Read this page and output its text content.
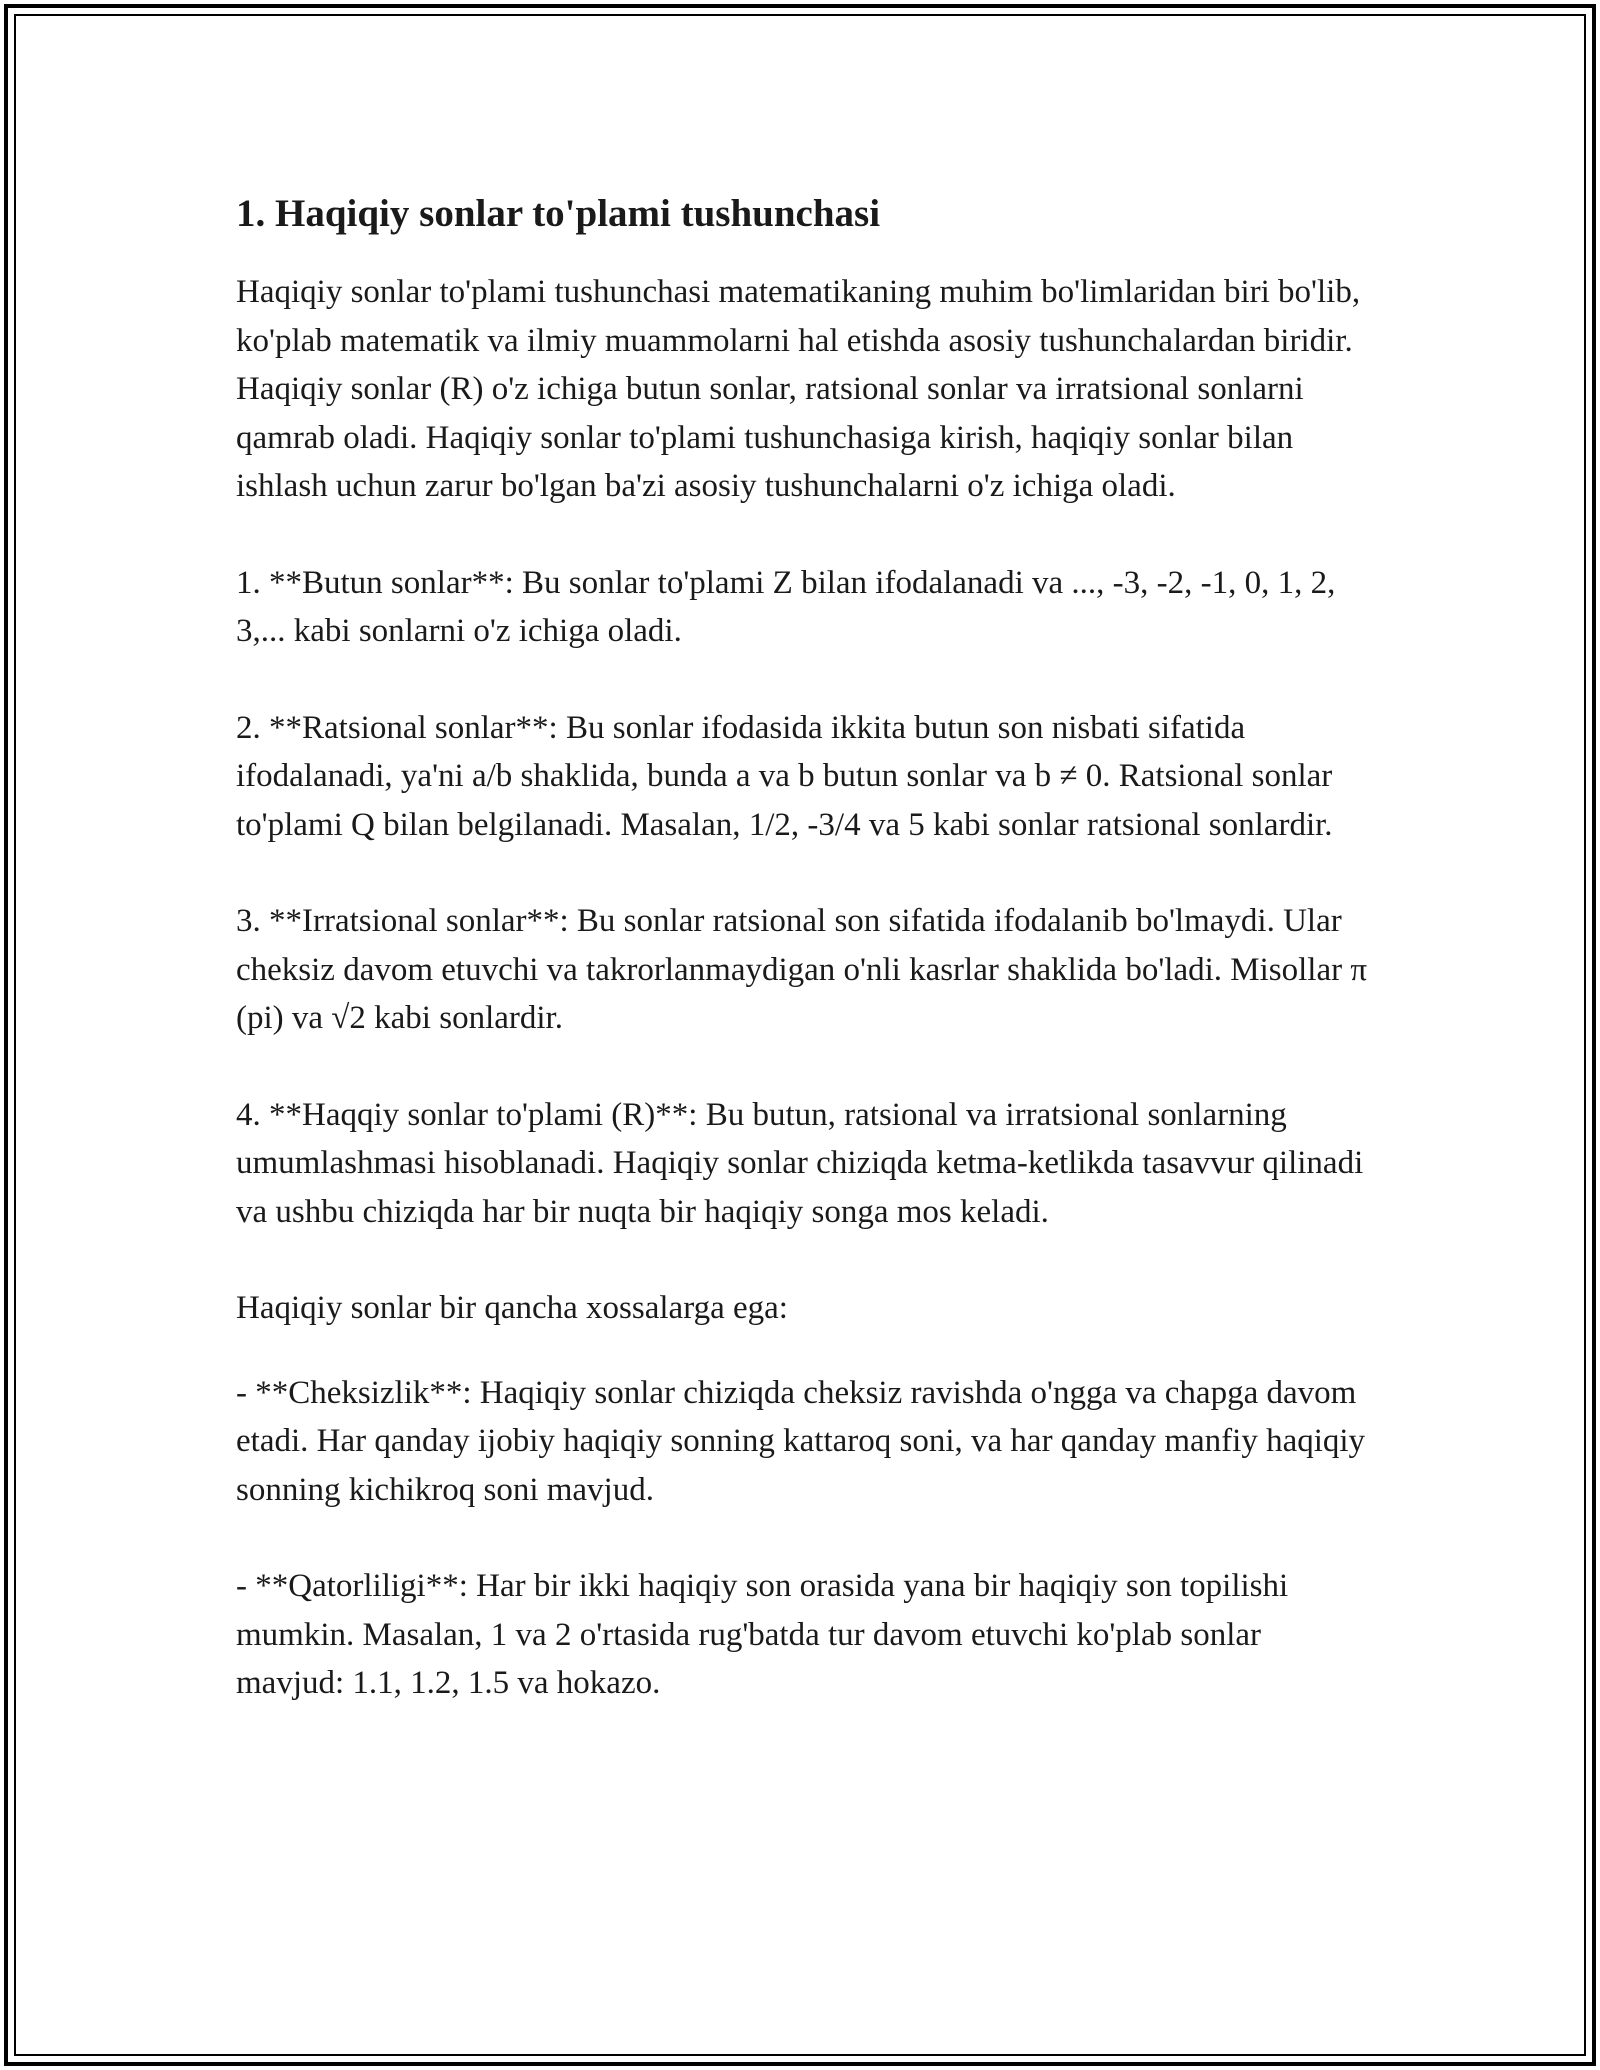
1. Haqiqiy sonlar to'plami tushunchasi

Haqiqiy sonlar to'plami tushunchasi matematikaning muhim bo'limlaridan biri bo'lib, ko'plab matematik va ilmiy muammolarni hal etishda asosiy tushunchalardan biridir. Haqiqiy sonlar (R) o'z ichiga butun sonlar, ratsional sonlar va irratsional sonlarni qamrab oladi. Haqiqiy sonlar to'plami tushunchasiga kirish, haqiqiy sonlar bilan ishlash uchun zarur bo'lgan ba'zi asosiy tushunchalarni o'z ichiga oladi.

1. **Butun sonlar**: Bu sonlar to'plami Z bilan ifodalanadi va ..., -3, -2, -1, 0, 1, 2, 3,... kabi sonlarni o'z ichiga oladi.

2. **Ratsional sonlar**: Bu sonlar ifodasida ikkita butun son nisbati sifatida ifodalanadi, ya'ni a/b shaklida, bunda a va b butun sonlar va b ≠ 0. Ratsional sonlar to'plami Q bilan belgilanadi. Masalan, 1/2, -3/4 va 5 kabi sonlar ratsional sonlardir.

3. **Irratsional sonlar**: Bu sonlar ratsional son sifatida ifodalanib bo'lmaydi. Ular cheksiz davom etuvchi va takrorlanmaydigan o'nli kasrlar shaklida bo'ladi. Misollar π (pi) va √2 kabi sonlardir.

4. **Haqqiy sonlar to'plami (R)**: Bu butun, ratsional va irratsional sonlarning umumlashmasi hisoblanadi. Haqiqiy sonlar chiziqda ketma-ketlikda tasavvur qilinadi va ushbu chiziqda har bir nuqta bir haqiqiy songa mos keladi.

Haqiqiy sonlar bir qancha xossalarga ega:

- **Cheksizlik**: Haqiqiy sonlar chiziqda cheksiz ravishda o'ngga va chapga davom etadi. Har qanday ijobiy haqiqiy sonning kattaroq soni, va har qanday manfiy haqiqiy sonning kichikroq soni mavjud.

- **Qatorliligi**: Har bir ikki haqiqiy son orasida yana bir haqiqiy son topilishi mumkin. Masalan, 1 va 2 o'rtasida rug'batda tur davom etuvchi ko'plab sonlar mavjud: 1.1, 1.2, 1.5 va hokazo.
